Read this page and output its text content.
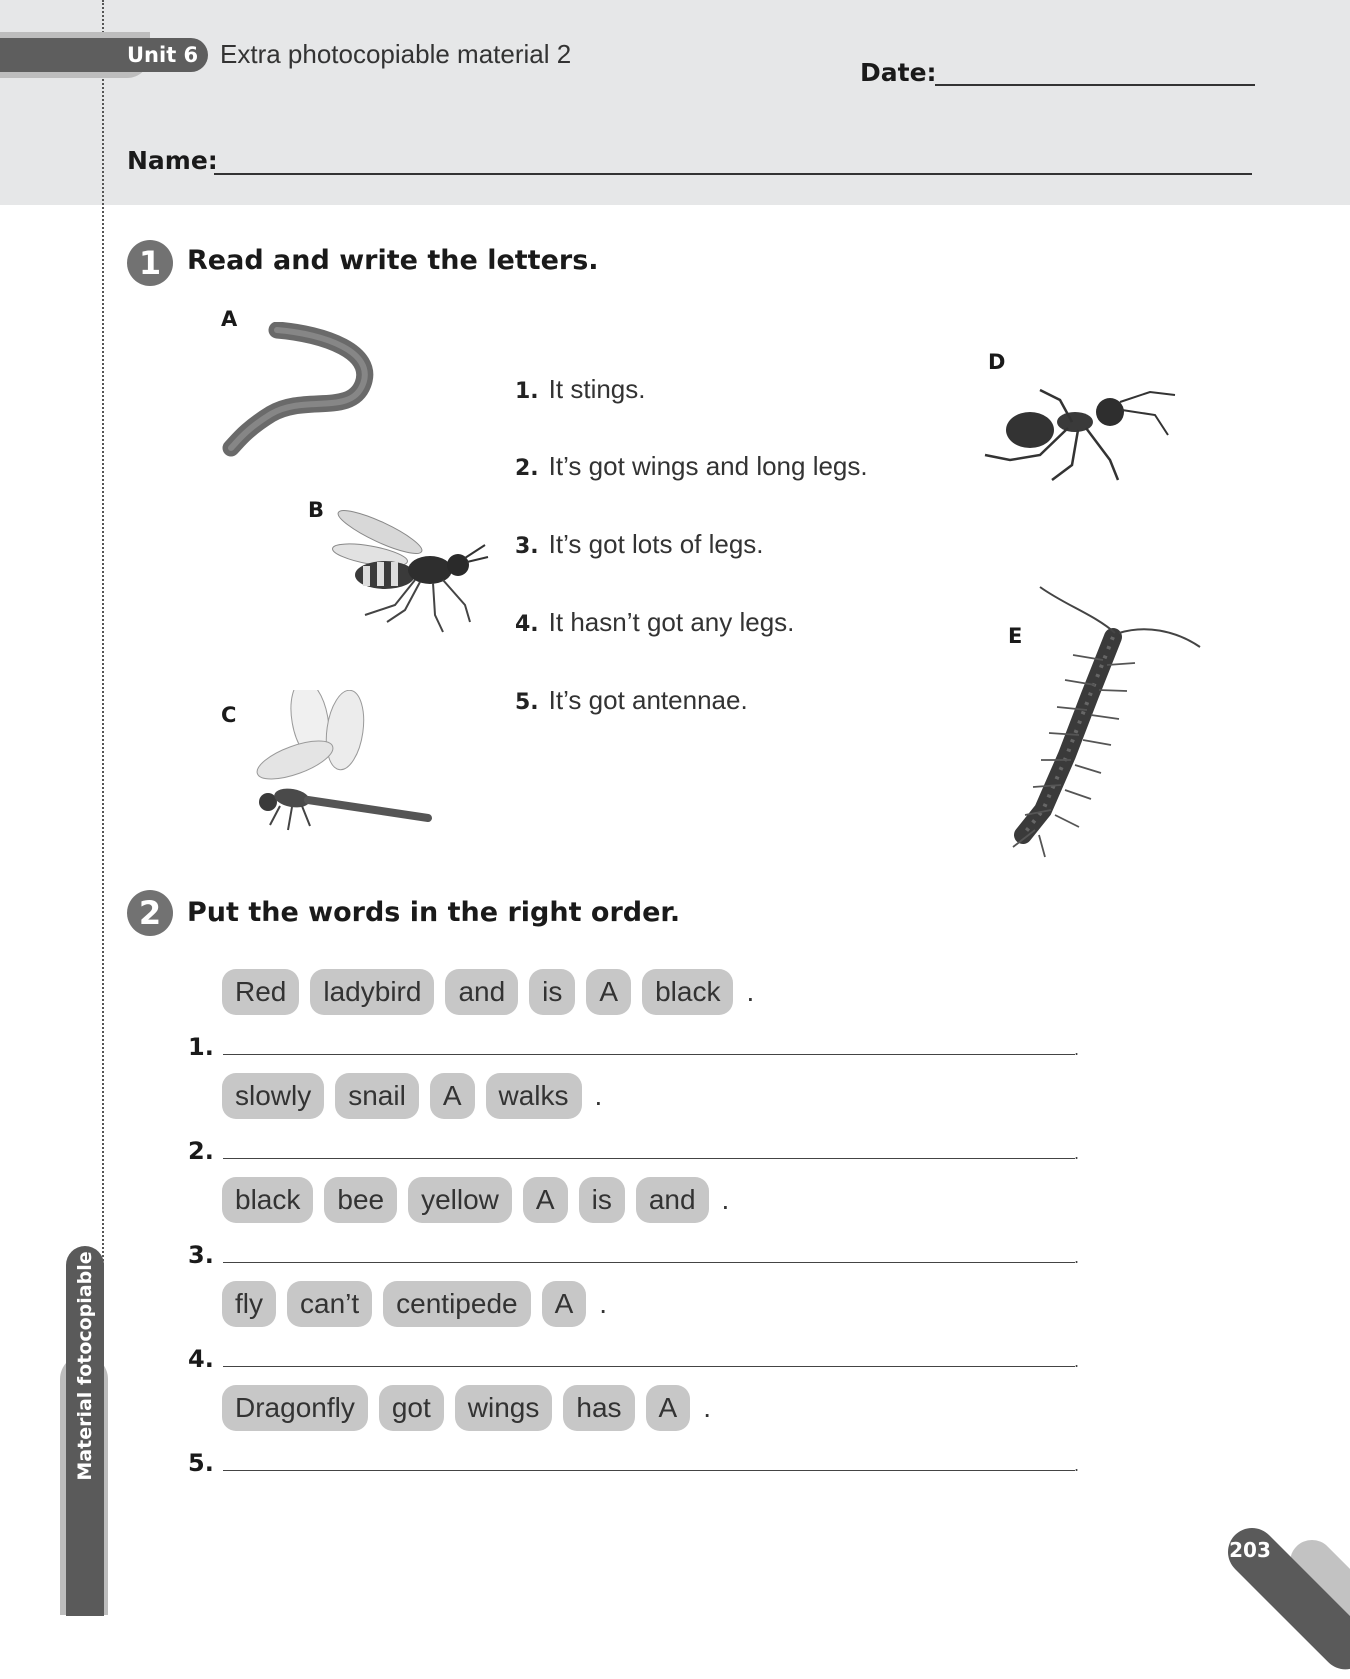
Unit 6 Extra photocopiable material 2
Date:
Name:
1 Read and write the letters.
A
B
C
D
E
1. It stings.
2. It’s got wings and long legs.
3. It’s got lots of legs.
4. It hasn’t got any legs.
5. It’s got antennae.
2 Put the words in the right order.
Red	ladybird	and	is	A	black .
1.	.
slowly	snail	A	walks .
2.	.
black	bee	yellow	A	is	and .
3.	.
fly	can’t	centipede	A .
4.	.
Dragonfly	got	wings	has	A .
5.	.
Material fotocopiable
203
